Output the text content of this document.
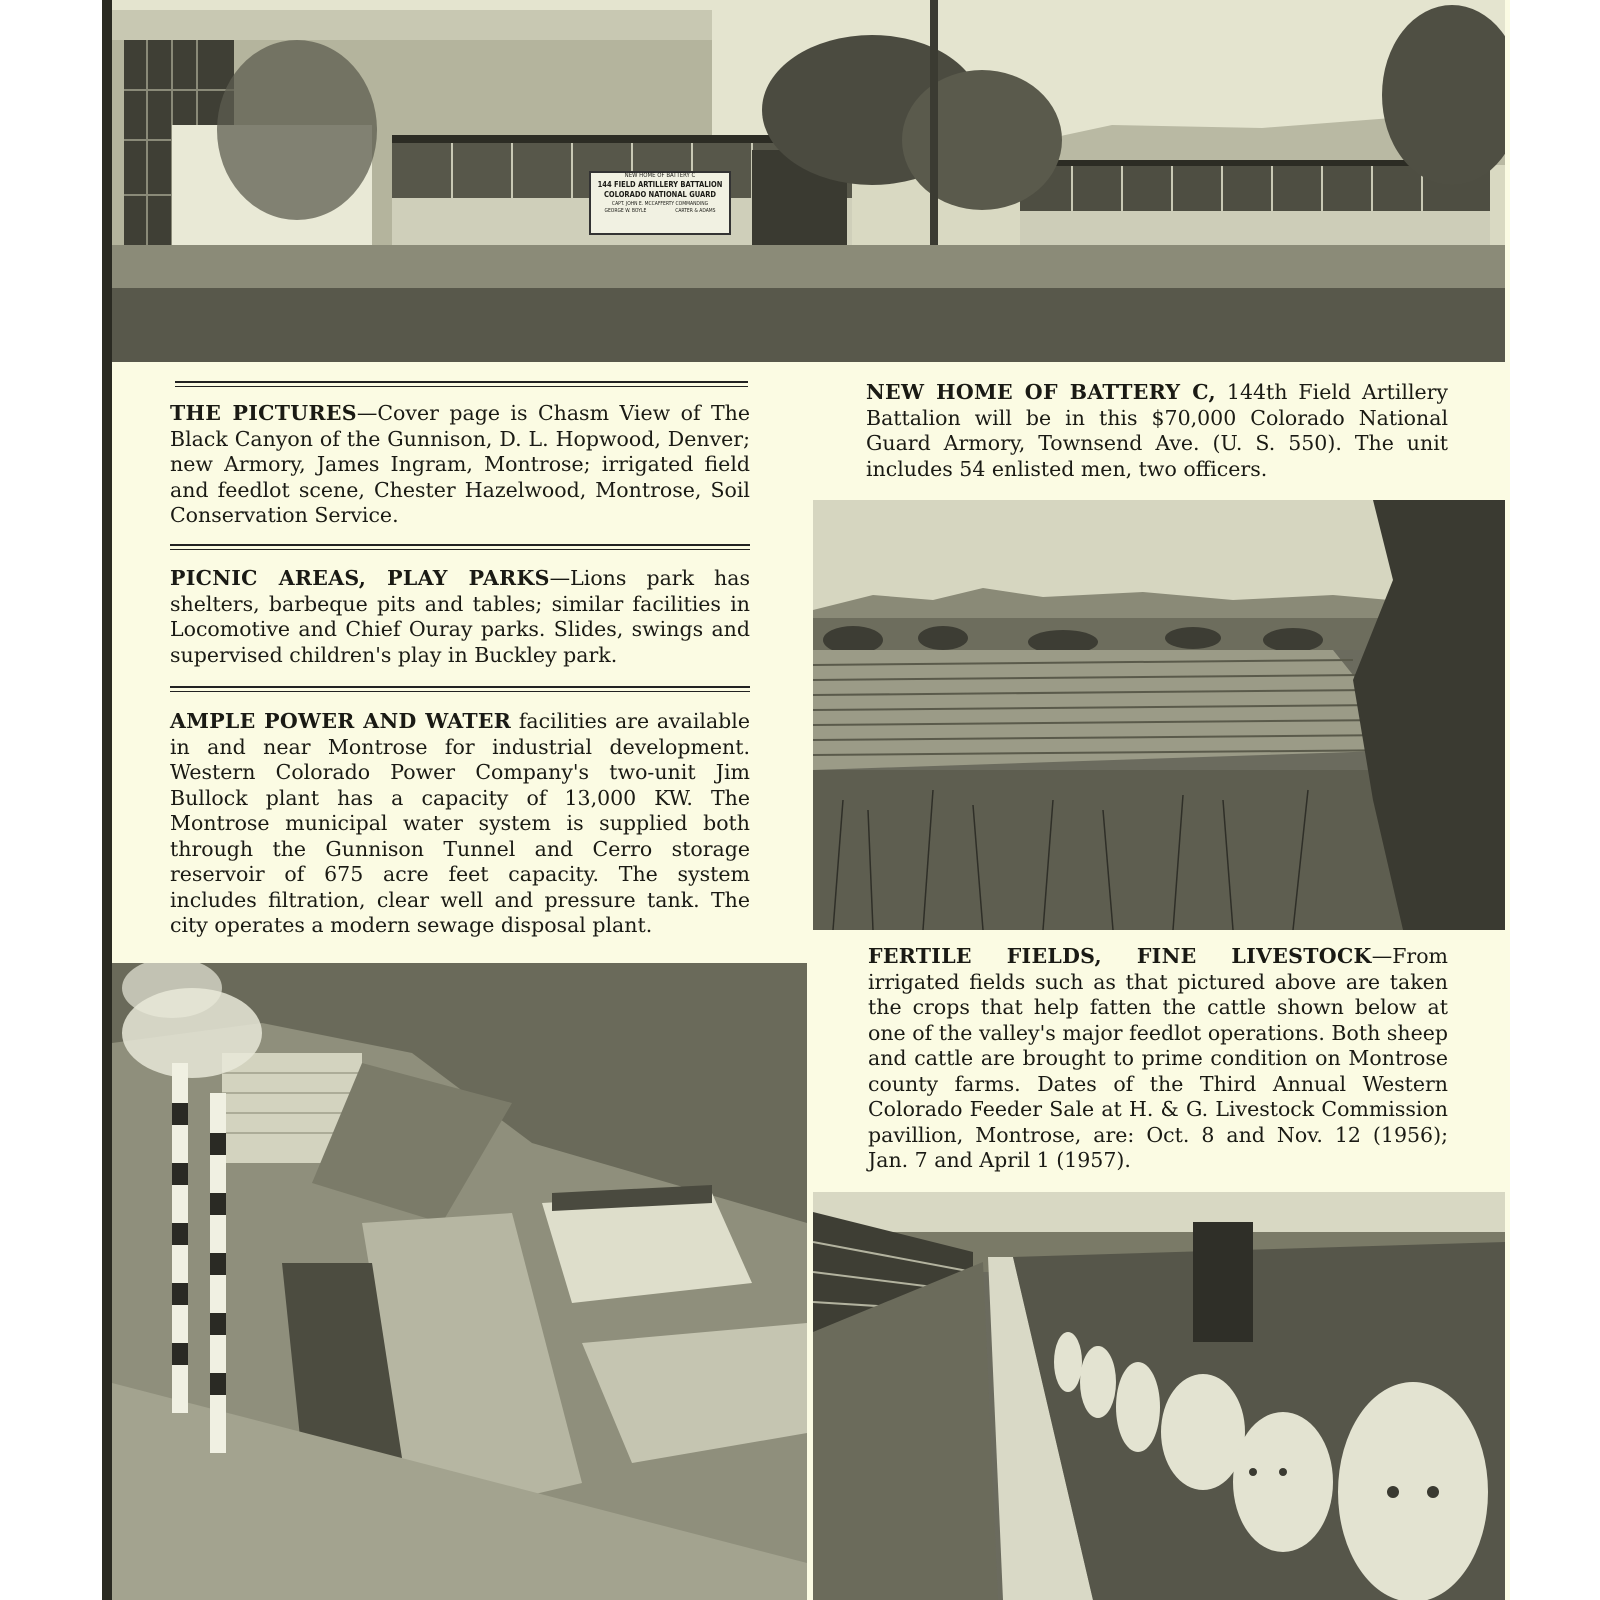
NEW HOME OF BATTERY C
144 FIELD ARTILLERY BATTALION
COLORADO NATIONAL GUARD
CAPT. JOHN E. MCCAFFERTY COMMANDING
GEORGE W. BOYLE	CARTER & ADAMS
THE PICTURES—Cover page is Chasm View of The Black Canyon of the Gunnison, D. L. Hopwood, Denver; new Armory, James Ingram, Montrose; irrigated field and feedlot scene, Chester Hazelwood, Montrose, Soil Conservation Service.
PICNIC AREAS, PLAY PARKS—Lions park has shelters, barbeque pits and tables; similar facilities in Locomotive and Chief Ouray parks. Slides, swings and supervised children's play in Buckley park.
AMPLE POWER AND WATER facilities are available in and near Montrose for industrial development. Western Colorado Power Company's two-unit Jim Bullock plant has a capacity of 13,000 KW. The Montrose municipal water system is supplied both through the Gunnison Tunnel and Cerro storage reservoir of 675 acre feet capacity. The system includes filtration, clear well and pressure tank. The city operates a modern sewage disposal plant.
NEW HOME OF BATTERY C, 144th Field Artillery Battalion will be in this $70,000 Colorado National Guard Armory, Townsend Ave. (U. S. 550). The unit includes 54 enlisted men, two officers.
FERTILE FIELDS, FINE LIVESTOCK—From irrigated fields such as that pictured above are taken the crops that help fatten the cattle shown below at one of the valley's major feedlot operations. Both sheep and cattle are brought to prime condition on Montrose county farms. Dates of the Third Annual Western Colorado Feeder Sale at H. & G. Livestock Commission pavillion, Montrose, are: Oct. 8 and Nov. 12 (1956); Jan. 7 and April 1 (1957).
